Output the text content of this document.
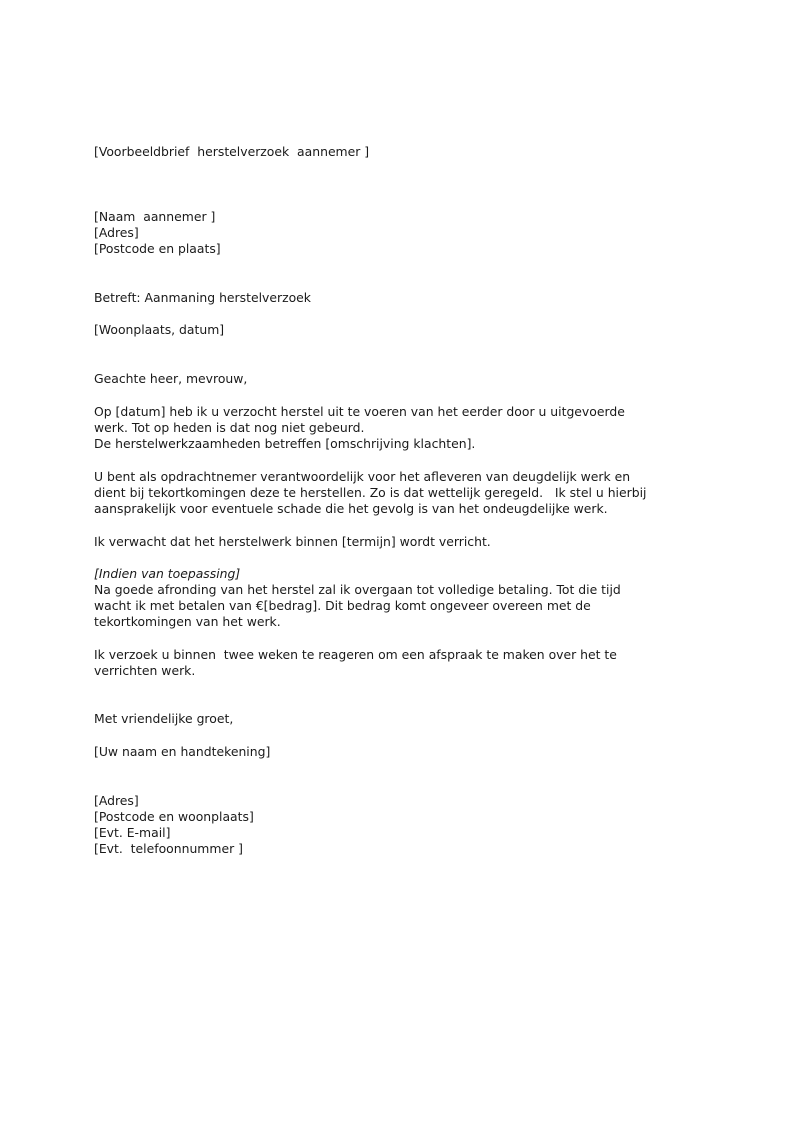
[Voorbeeldbrief  herstelverzoek  aannemer ]

[Naam  aannemer ]

[Adres]

[Postcode en plaats]

Betreft: Aanmaning herstelverzoek

[Woonplaats, datum]

Geachte heer, mevrouw,

Op [datum] heb ik u verzocht herstel uit te voeren van het eerder door u uitgevoerde

werk. Tot op heden is dat nog niet gebeurd.

De herstelwerkzaamheden betreffen [omschrijving klachten].

U bent als opdrachtnemer verantwoordelijk voor het afleveren van deugdelijk werk en

dient bij tekortkomingen deze te herstellen. Zo is dat wettelijk geregeld.   Ik stel u hierbij

aansprakelijk voor eventuele schade die het gevolg is van het ondeugdelijke werk.

Ik verwacht dat het herstelwerk binnen [termijn] wordt verricht.

[Indien van toepassing]

Na goede afronding van het herstel zal ik overgaan tot volledige betaling. Tot die tijd

wacht ik met betalen van €[bedrag]. Dit bedrag komt ongeveer overeen met de

tekortkomingen van het werk.

Ik verzoek u binnen  twee weken te reageren om een afspraak te maken over het te

verrichten werk.

Met vriendelijke groet,

[Uw naam en handtekening]

[Adres]

[Postcode en woonplaats]

[Evt. E-mail]

[Evt.  telefoonnummer ]
